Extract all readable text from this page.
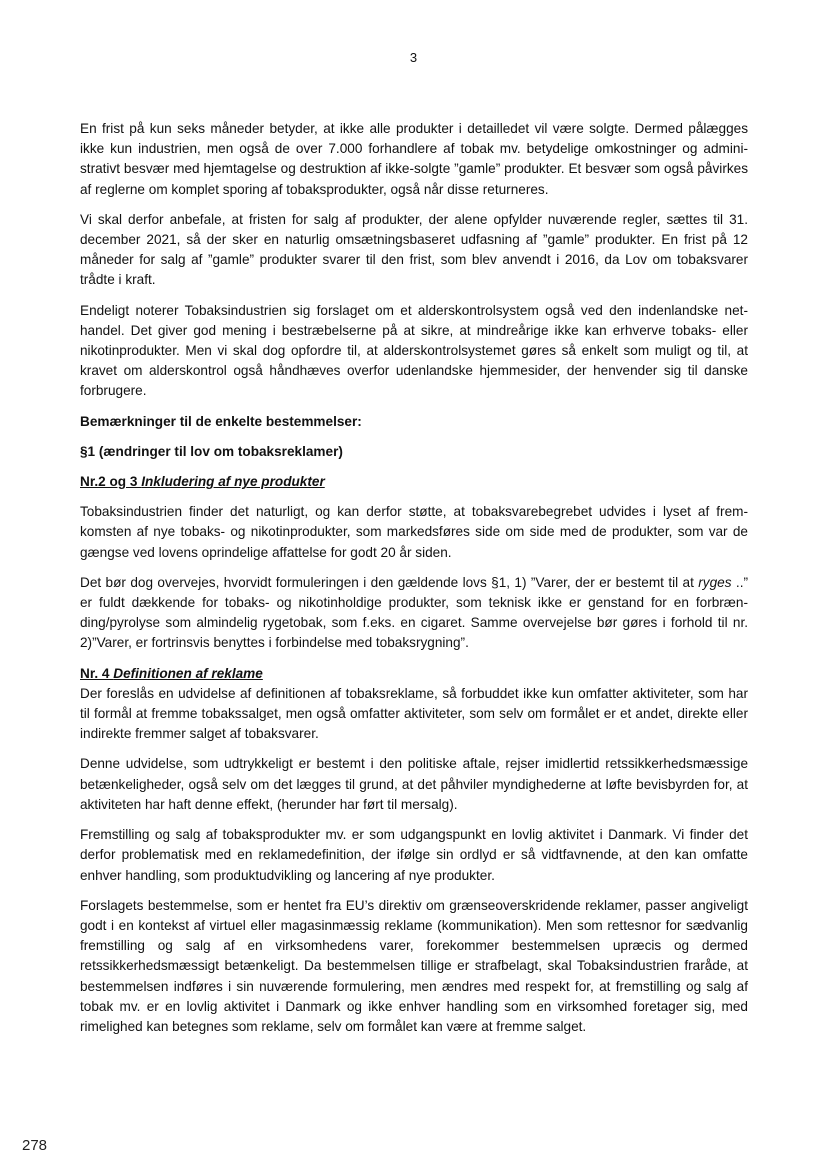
3

En frist på kun seks måneder betyder, at ikke alle produkter i detailledet vil være solgte. Dermed pålægges ikke kun industrien, men også de over 7.000 forhandlere af tobak mv. betydelige omkostninger og administrativt besvær med hjemtagelse og destruktion af ikke-solgte ”gamle” produkter. Et besvær som også påvirkes af reglerne om komplet sporing af tobaksprodukter, også når disse returneres.

Vi skal derfor anbefale, at fristen for salg af produkter, der alene opfylder nuværende regler, sættes til 31. december 2021, så der sker en naturlig omsætningsbaseret udfasning af ”gamle” produkter. En frist på 12 måneder for salg af ”gamle” produkter svarer til den frist, som blev anvendt i 2016, da Lov om tobaksvarer trådte i kraft.

Endeligt noterer Tobaksindustrien sig forslaget om et alderskontrolsystem også ved den indenlandske nethandel. Det giver god mening i bestræbelserne på at sikre, at mindreårige ikke kan erhverve tobaks- eller nikotinprodukter. Men vi skal dog opfordre til, at alderskontrolsystemet gøres så enkelt som muligt og til, at kravet om alderskontrol også håndhæves overfor udenlandske hjemmesider, der henvender sig til danske forbrugere.

Bemærkninger til de enkelte bestemmelser:

§1 (ændringer til lov om tobaksreklamer)

Nr.2 og 3 Inkludering af nye produkter

Tobaksindustrien finder det naturligt, og kan derfor støtte, at tobaksvarebegrebet udvides i lyset af fremkomsten af nye tobaks- og nikotinprodukter, som markedsføres side om side med de produkter, som var de gængse ved lovens oprindelige affattelse for godt 20 år siden.

Det bør dog overvejes, hvorvidt formuleringen i den gældende lovs §1, 1) ”Varer, der er bestemt til at ryges ..” er fuldt dækkende for tobaks- og nikotinholdige produkter, som teknisk ikke er genstand for en forbrænding/pyrolyse som almindelig rygetobak, som f.eks. en cigaret. Samme overvejelse bør gøres i forhold til nr. 2)”Varer, er fortrinsvis benyttes i forbindelse med tobaksrygning”.

Nr. 4 Definitionen af reklame

Der foreslås en udvidelse af definitionen af tobaksreklame, så forbuddet ikke kun omfatter aktiviteter, som har til formål at fremme tobakssalget, men også omfatter aktiviteter, som selv om formålet er et andet, direkte eller indirekte fremmer salget af tobaksvarer.

Denne udvidelse, som udtrykkeligt er bestemt i den politiske aftale, rejser imidlertid retssikkerhedsmæssige betænkeligheder, også selv om det lægges til grund, at det påhviler myndighederne at løfte bevisbyrden for, at aktiviteten har haft denne effekt, (herunder har ført til mersalg).

Fremstilling og salg af tobaksprodukter mv. er som udgangspunkt en lovlig aktivitet i Danmark. Vi finder det derfor problematisk med en reklamedefinition, der ifølge sin ordlyd er så vidtfavnende, at den kan omfatte enhver handling, som produktudvikling og lancering af nye produkter.

Forslagets bestemmelse, som er hentet fra EU’s direktiv om grænseoverskridende reklamer, passer angiveligt godt i en kontekst af virtuel eller magasinmæssig reklame (kommunikation). Men som rettesnor for sædvanlig fremstilling og salg af en virksomhedens varer, forekommer bestemmelsen upræcis og dermed retssikkerhedsmæssigt betænkeligt. Da bestemmelsen tillige er strafbelagt, skal Tobaksindustrien fraråde, at bestemmelsen indføres i sin nuværende formulering, men ændres med respekt for, at fremstilling og salg af tobak mv. er en lovlig aktivitet i Danmark og ikke enhver handling som en virksomhed foretager sig, med rimelighed kan betegnes som reklame, selv om formålet kan være at fremme salget.

278
